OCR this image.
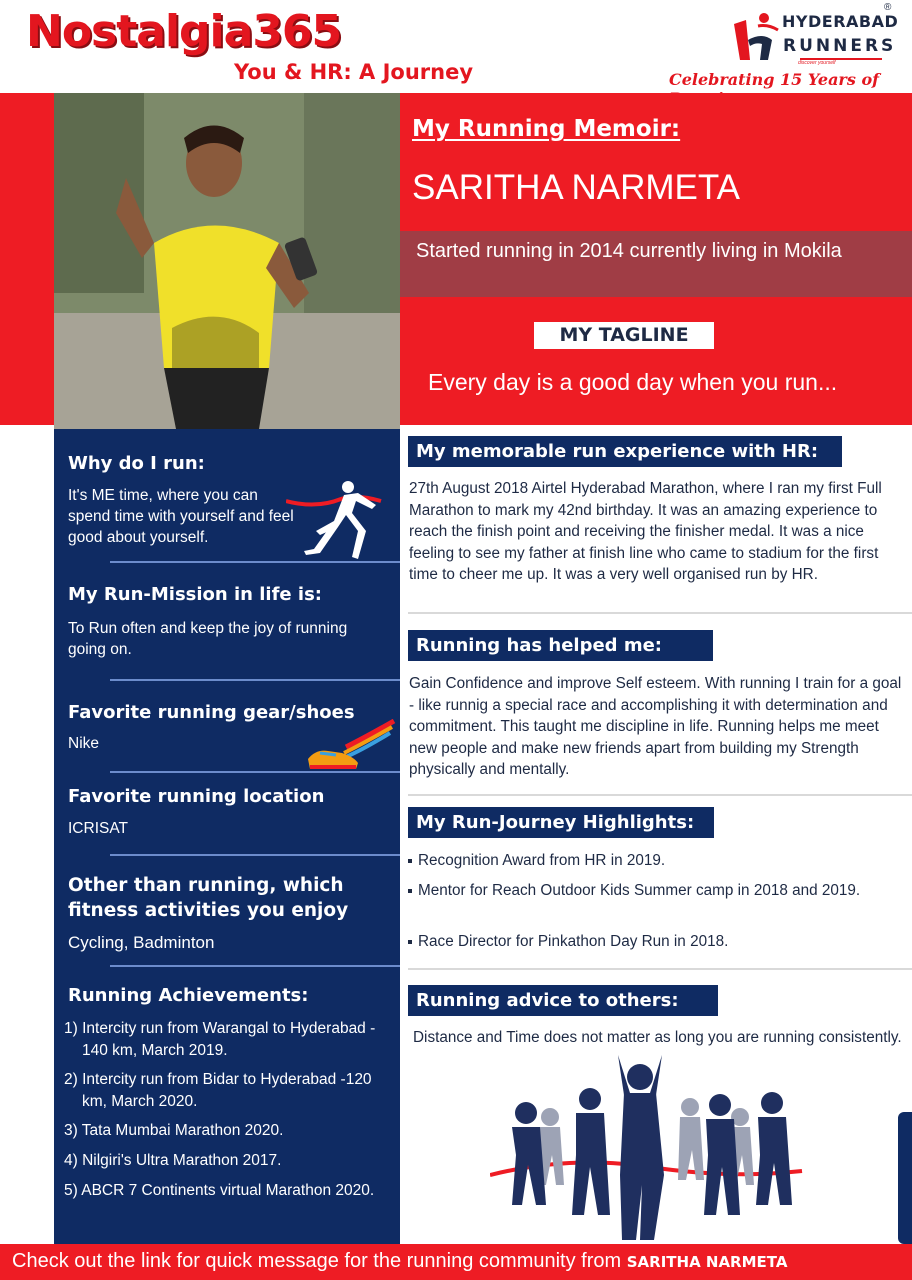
Nostalgia365
You & HR: A Journey
®
HYDERABAD
RUNNERS
discover yourself
Celebrating 15 Years of
My Running Memoir:
SARITHA NARMETA
Started running in 2014 currently living in Mokila
MY TAGLINE
Every day is a good day when you run...
Why do I run:
It's ME time, where you can spend time with yourself and feel good about yourself.
My Run-Mission in life is:
To Run often and keep the joy of running going on.
Favorite running gear/shoes
Nike
Favorite running location
ICRISAT
Other than running, which fitness activities you enjoy
Cycling, Badminton
Running Achievements:
1) Intercity run from Warangal to Hyderabad - 140 km, March 2019.
2) Intercity run from Bidar to Hyderabad -120 km, March 2020.
3) Tata Mumbai Marathon 2020.
4) Nilgiri's Ultra Marathon 2017.
5) ABCR 7 Continents virtual Marathon 2020.
My memorable run experience with HR:
27th August 2018 Airtel Hyderabad Marathon, where I ran my first Full Marathon to mark my 42nd birthday. It was an amazing experience to reach the finish point and receiving the finisher medal. It was a nice feeling to see my father at finish line who came to stadium for the first time to cheer me up. It was a very well organised run by HR.
Running has helped me:
Gain Confidence and improve Self esteem. With running I train for a goal - like runnig a special race and accomplishing it with determination and commitment. This taught me discipline in life. Running helps me meet new people and make new friends apart from building my Strength physically and mentally.
My Run-Journey Highlights:
Recognition Award from HR in 2019.
Mentor for Reach Outdoor Kids Summer camp in 2018 and 2019.
Race Director for Pinkathon Day Run in 2018.
Running advice to others:
Distance and Time does not matter as long you are running consistently.
Check out the link for quick message for the running community from SARITHA NARMETA
